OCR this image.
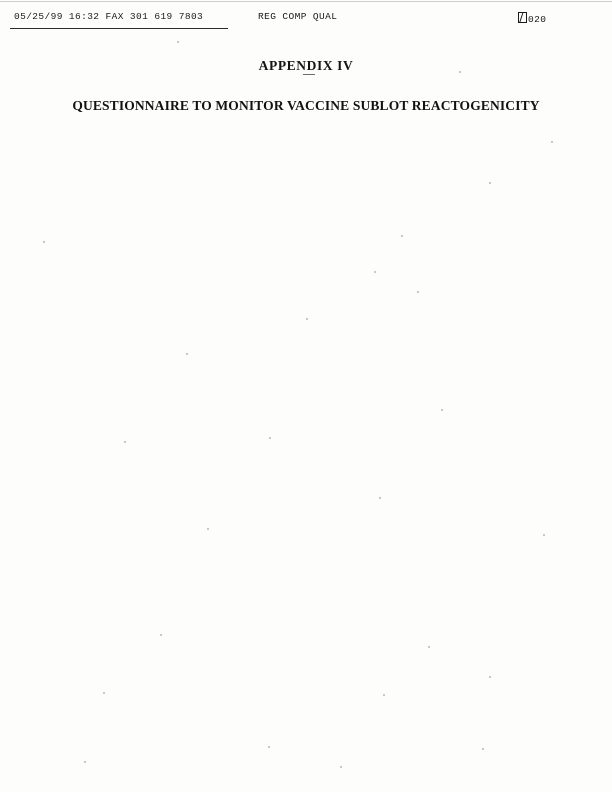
05/25/99 16:32 FAX 301 619 7803	REG COMP QUAL	020
APPENDIX IV
QUESTIONNAIRE TO MONITOR VACCINE SUBLOT REACTOGENICITY
